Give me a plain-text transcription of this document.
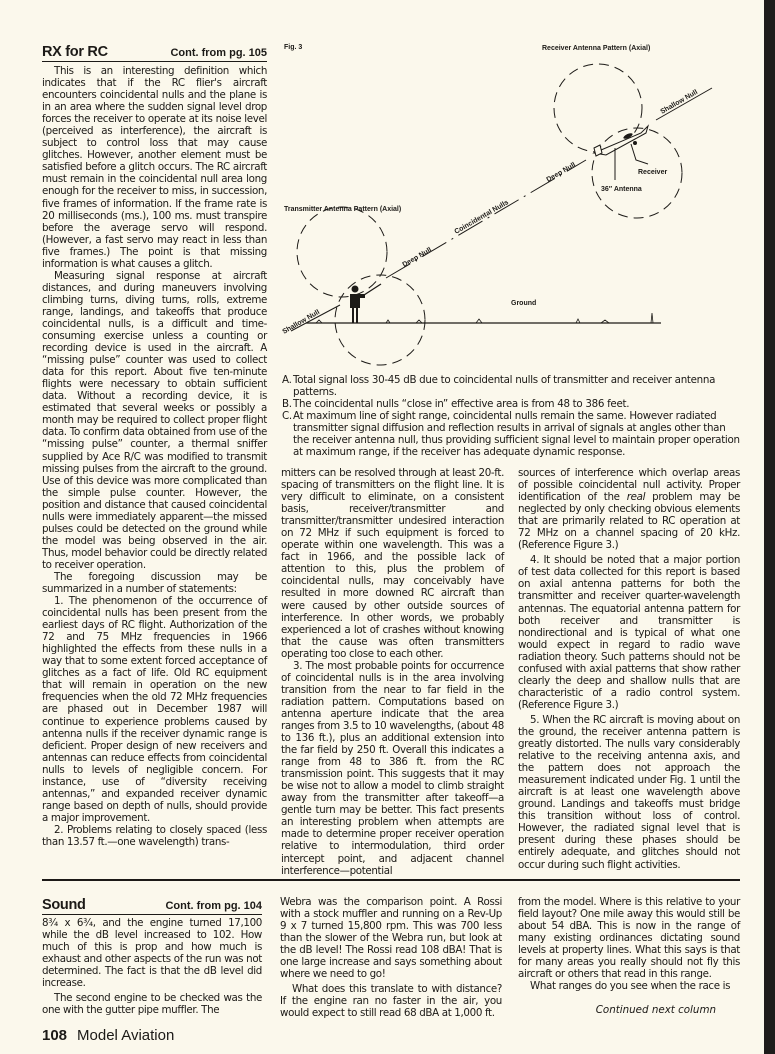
RX for RC	Cont. from pg. 105

This is an interesting definition which indicates that if the RC flier's aircraft encounters coincidental nulls and the plane is in an area where the sudden signal level drop forces the receiver to operate at its noise level (perceived as interference), the aircraft is subject to control loss that may cause glitches. However, another element must be satisfied before a glitch occurs. The RC aircraft must remain in the coincidental null area long enough for the receiver to miss, in succession, five frames of information. If the frame rate is 20 milliseconds (ms.), 100 ms. must transpire before the average servo will respond. (However, a fast servo may react in less than five frames.) The point is that missing information is what causes a glitch.

Measuring signal response at aircraft distances, and during maneuvers involving climbing turns, diving turns, rolls, extreme range, landings, and takeoffs that produce coincidental nulls, is a difficult and time-consuming exercise unless a counting or recording device is used in the aircraft. A “missing pulse” counter was used to collect data for this report. About five ten-minute flights were necessary to obtain sufficient data. Without a recording device, it is estimated that several weeks or possibly a month may be required to collect proper flight data. To confirm data obtained from use of the “missing pulse” counter, a thermal sniffer supplied by Ace R/C was modified to transmit missing pulses from the aircraft to the ground. Use of this device was more complicated than the simple pulse counter. However, the position and distance that caused coincidental nulls were immediately apparent—the missed pulses could be detected on the ground while the model was being observed in the air. Thus, model behavior could be directly related to receiver operation.

The foregoing discussion may be summarized in a number of statements:

1. The phenomenon of the occurrence of coincidental nulls has been present from the earliest days of RC flight. Authorization of the 72 and 75 MHz frequencies in 1966 highlighted the effects from these nulls in a way that to some extent forced acceptance of glitches as a fact of life. Old RC equipment that will remain in operation on the new frequencies when the old 72 MHz frequencies are phased out in December 1987 will continue to experience problems caused by antenna nulls if the receiver dynamic range is deficient. Proper design of new receivers and antennas can reduce effects from coincidental nulls to levels of negligible concern. For instance, use of “diversity receiving antennas,” and expanded receiver dynamic range based on depth of nulls, should provide a major improvement.

2. Problems relating to closely spaced (less than 13.57 ft.—one wavelength) trans-

Fig. 3	Receiver Antenna Pattern (Axial)
Transmitter Antenna Pattern (Axial)
Ground
Deep Null
Coincidental Nulls
Deep Null
Shallow Null
Shallow Null
Receiver
36″ Antenna
A. Total signal loss 30-45 dB due to coincidental nulls of transmitter and receiver antenna patterns.
B. The coincidental nulls “close in” effective area is from 48 to 386 feet.
C. At maximum line of sight range, coincidental nulls remain the same. However radiated transmitter signal diffusion and reflection results in arrival of signals at angles other than the receiver antenna null, thus providing sufficient signal level to maintain proper operation at maximum range, if the receiver has adequate dynamic response.

mitters can be resolved through at least 20-ft. spacing of transmitters on the flight line. It is very difficult to eliminate, on a consistent basis, receiver/transmitter and transmitter/transmitter undesired interaction on 72 MHz if such equipment is forced to operate within one wavelength. This was a fact in 1966, and the possible lack of attention to this, plus the problem of coincidental nulls, may conceivably have resulted in more downed RC aircraft than were caused by other outside sources of interference. In other words, we probably experienced a lot of crashes without knowing that the cause was often transmitters operating too close to each other.

3. The most probable points for occurrence of coincidental nulls is in the area involving transition from the near to far field in the radiation pattern. Computations based on antenna aperture indicate that the area ranges from 3.5 to 10 wavelengths, (about 48 to 136 ft.), plus an additional extension into the far field by 250 ft. Overall this indicates a range from 48 to 386 ft. from the RC transmission point. This suggests that it may be wise not to allow a model to climb straight away from the transmitter after takeoff—a gentle turn may be better. This fact presents an interesting problem when attempts are made to determine proper receiver operation relative to intermodulation, third order intercept point, and adjacent channel interference—potential

sources of interference which overlap areas of possible coincidental null activity. Proper identification of the real problem may be neglected by only checking obvious elements that are primarily related to RC operation at 72 MHz on a channel spacing of 20 kHz. (Reference Figure 3.)

4. It should be noted that a major portion of test data collected for this report is based on axial antenna patterns for both the transmitter and receiver quarter-wavelength antennas. The equatorial antenna pattern for both receiver and transmitter is nondirectional and is typical of what one would expect in regard to radio wave radiation theory. Such patterns should not be confused with axial patterns that show rather clearly the deep and shallow nulls that are characteristic of a radio control system. (Reference Figure 3.)

5. When the RC aircraft is moving about on the ground, the receiver antenna pattern is greatly distorted. The nulls vary considerably relative to the receiving antenna axis, and the pattern does not approach the measurement indicated under Fig. 1 until the aircraft is at least one wavelength above ground. Landings and takeoffs must bridge this transition without loss of control. However, the radiated signal level that is present during these phases should be entirely adequate, and glitches should not occur during such flight activities.

Sound	Cont. from pg. 104

8¾ x 6¾, and the engine turned 17,100 while the dB level increased to 102. How much of this is prop and how much is exhaust and other aspects of the run was not determined. The fact is that the dB level did increase.

The second engine to be checked was the one with the gutter pipe muffler. The

Webra was the comparison point. A Rossi with a stock muffler and running on a Rev-Up 9 x 7 turned 15,800 rpm. This was 700 less than the slower of the Webra run, but look at the dB level! The Rossi read 108 dBA! That is one large increase and says something about where we need to go!

What does this translate to with distance? If the engine ran no faster in the air, you would expect to still read 68 dBA at 1,000 ft.

from the model. Where is this relative to your field layout? One mile away this would still be about 54 dBA. This is now in the range of many existing ordinances dictating sound levels at property lines. What this says is that for many areas you really should not fly this aircraft or others that read in this range.

What ranges do you see when the race is

Continued next column
108 Model Aviation
